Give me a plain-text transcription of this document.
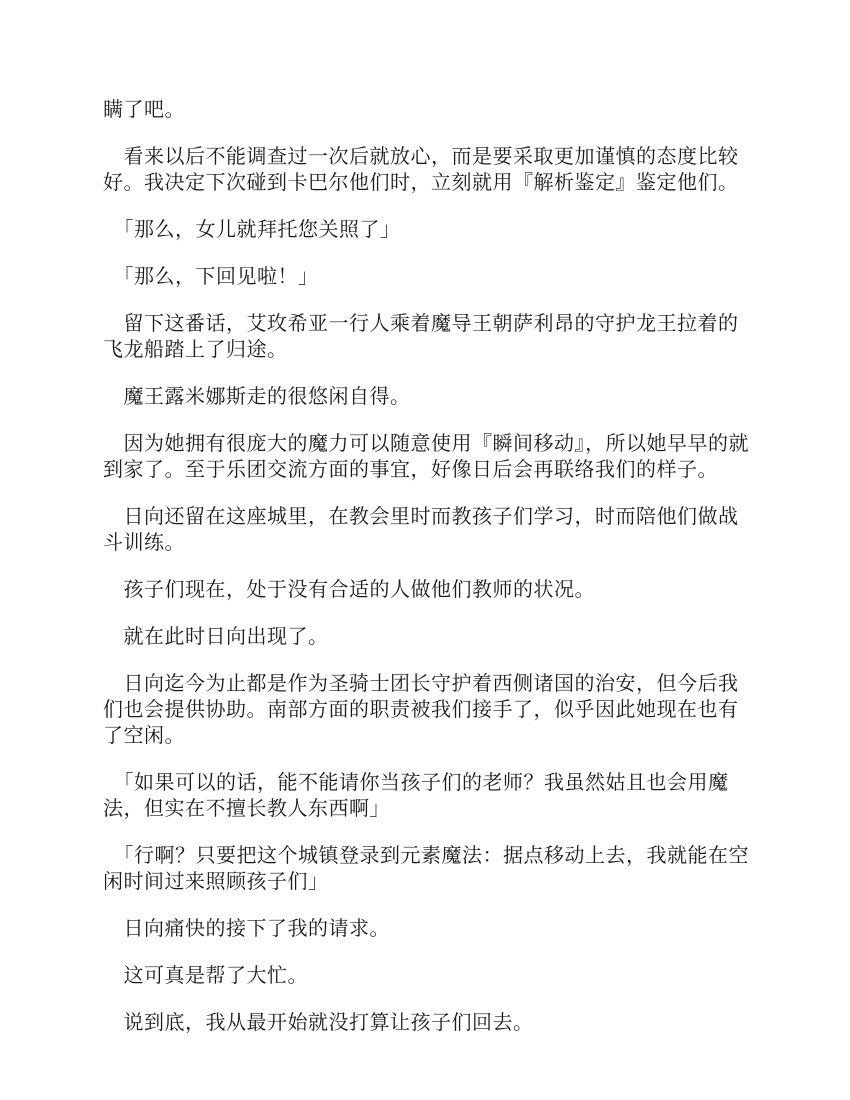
瞒了吧。

　看来以后不能调查过一次后就放心，而是要采取更加谨慎的态度比较好。我决定下次碰到卡巴尔他们时，立刻就用『解析鉴定』鉴定他们。

　「那么，女儿就拜托您关照了」

　「那么，下回见啦！」

　留下这番话，艾玫希亚一行人乘着魔导王朝萨利昂的守护龙王拉着的飞龙船踏上了归途。

　魔王露米娜斯走的很悠闲自得。

　因为她拥有很庞大的魔力可以随意使用『瞬间移动』，所以她早早的就到家了。至于乐团交流方面的事宜，好像日后会再联络我们的样子。

　日向还留在这座城里，在教会里时而教孩子们学习，时而陪他们做战斗训练。

　孩子们现在，处于没有合适的人做他们教师的状况。

　就在此时日向出现了。

　日向迄今为止都是作为圣骑士团长守护着西侧诸国的治安，但今后我们也会提供协助。南部方面的职责被我们接手了，似乎因此她现在也有了空闲。

　「如果可以的话，能不能请你当孩子们的老师？我虽然姑且也会用魔法，但实在不擅长教人东西啊」

　「行啊？只要把这个城镇登录到元素魔法：据点移动上去，我就能在空闲时间过来照顾孩子们」

　日向痛快的接下了我的请求。

　这可真是帮了大忙。

　说到底，我从最开始就没打算让孩子们回去。
